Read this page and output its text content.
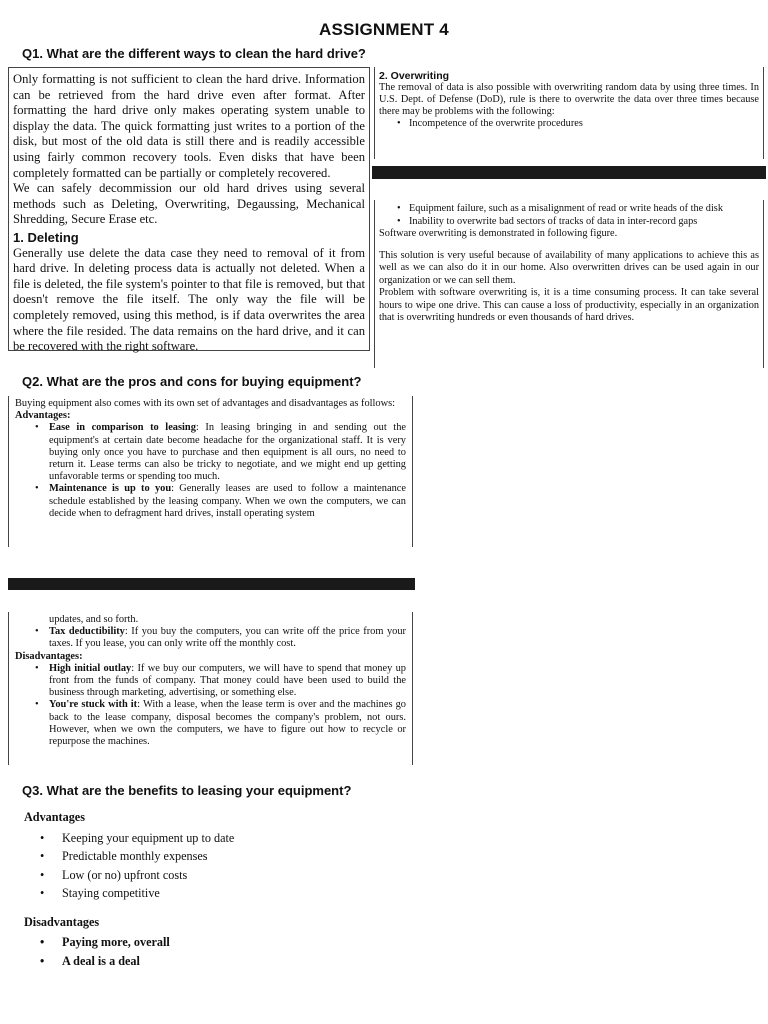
ASSIGNMENT 4
Q1. What are the different ways to clean the hard drive?

Only formatting is not sufficient to clean the hard drive. Information can be retrieved from the hard drive even after format. After formatting the hard drive only makes operating system unable to display the data. The quick formatting just writes to a portion of the disk, but most of the old data is still there and is readily accessible using fairly common recovery tools. Even disks that have been completely formatted can be partially or completely recovered.

We can safely decommission our old hard drives using several methods such as Deleting, Overwriting, Degaussing, Mechanical Shredding, Secure Erase etc.

1. Deleting

Generally use delete the data case they need to removal of it from hard drive. In deleting process data is actually not deleted. When a file is deleted, the file system's pointer to that file is removed, but that doesn't remove the file itself. The only way the file will be completely removed, using this method, is if data overwrites the area where the file resided. The data remains on the hard drive, and it can be recovered with the right software.

2. Overwriting

The removal of data is also possible with overwriting random data by using three times. In U.S. Dept. of Defense (DoD), rule is there to overwrite the data over three times because there may be problems with the following:

• Incompetence of the overwrite procedures
• Equipment failure, such as a misalignment of read or write heads of the disk
• Inability to overwrite bad sectors of tracks of data in inter-record gaps

Software overwriting is demonstrated in following figure.

This solution is very useful because of availability of many applications to achieve this as well as we can also do it in our home. Also overwritten drives can be used again in our organization or we can sell them.

Problem with software overwriting is, it is a time consuming process. It can take several hours to wipe one drive. This can cause a loss of productivity, especially in an organization that is overwriting hundreds or even thousands of hard drives.

Q2. What are the pros and cons for buying equipment?

Buying equipment also comes with its own set of advantages and disadvantages as follows:

Advantages:

• Ease in comparison to leasing: In leasing bringing in and sending out the equipment's at certain date become headache for the organizational staff. It is very buying only once you have to purchase and then equipment is all ours, no need to return it. Lease terms can also be tricky to negotiate, and we might end up getting unfavorable terms or spending too much.
• Maintenance is up to you: Generally leases are used to follow a maintenance schedule established by the leasing company. When we own the computers, we can decide when to defragment hard drives, install operating system

updates, and so forth.

• Tax deductibility: If you buy the computers, you can write off the price from your taxes. If you lease, you can only write off the monthly cost.

Disadvantages:

• High initial outlay: If we buy our computers, we will have to spend that money up front from the funds of company. That money could have been used to build the business through marketing, advertising, or something else.
• You're stuck with it: With a lease, when the lease term is over and the machines go back to the lease company, disposal becomes the company's problem, not ours. However, when we own the computers, we have to figure out how to recycle or repurpose the machines.
Q3. What are the benefits to leasing your equipment?

Advantages

• Keeping your equipment up to date
• Predictable monthly expenses
• Low (or no) upfront costs
• Staying competitive

Disadvantages

• Paying more, overall
• A deal is a deal
